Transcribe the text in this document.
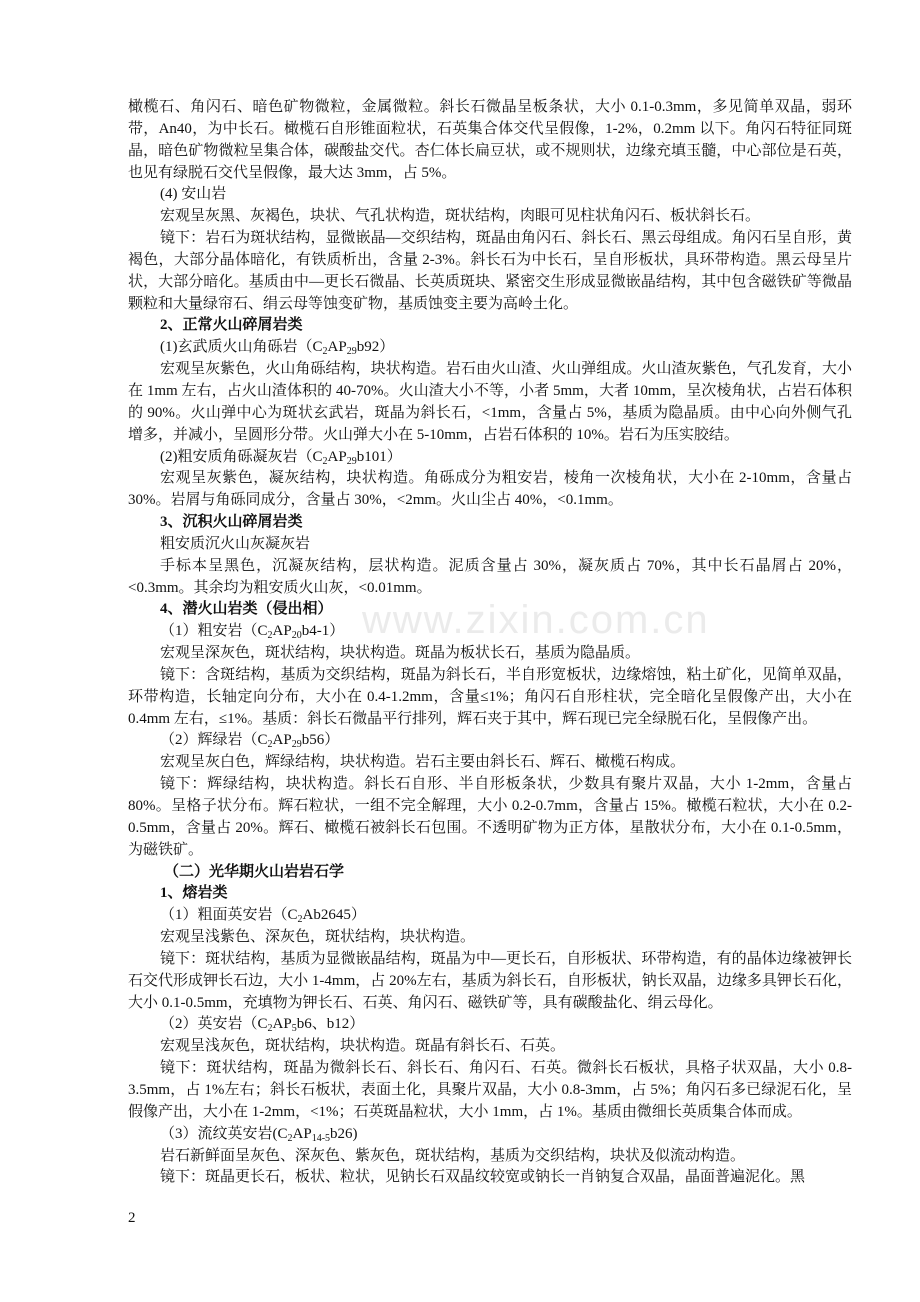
www.zixin.com.cn

橄榄石、角闪石、暗色矿物微粒，金属微粒。斜长石微晶呈板条状，大小 0.1-0.3mm，多见简单双晶，弱环带，An40，为中长石。橄榄石自形锥面粒状，石英集合体交代呈假像，1-2%，0.2mm 以下。角闪石特征同斑晶，暗色矿物微粒呈集合体，碳酸盐交代。杏仁体长扁豆状，或不规则状，边缘充填玉髓，中心部位是石英，也见有绿脱石交代呈假像，最大达 3mm，占 5%。

(4) 安山岩

宏观呈灰黑、灰褐色，块状、气孔状构造，斑状结构，肉眼可见柱状角闪石、板状斜长石。

镜下：岩石为斑状结构，显微嵌晶—交织结构，斑晶由角闪石、斜长石、黑云母组成。角闪石呈自形，黄褐色，大部分晶体暗化，有铁质析出，含量 2-3%。斜长石为中长石，呈自形板状，具环带构造。黑云母呈片状，大部分暗化。基质由中—更长石微晶、长英质斑块、紧密交生形成显微嵌晶结构，其中包含磁铁矿等微晶颗粒和大量绿帘石、绢云母等蚀变矿物，基质蚀变主要为高岭土化。

2、正常火山碎屑岩类

(1)玄武质火山角砾岩$(C_2AP_{29}b92)$

宏观呈灰紫色，火山角砾结构，块状构造。岩石由火山渣、火山弹组成。火山渣灰紫色，气孔发育，大小在 1mm 左右，占火山渣体积的 40-70%。火山渣大小不等，小者 5mm，大者 10mm，呈次棱角状，占岩石体积的 90%。火山弹中心为斑状玄武岩，斑晶为斜长石，<1mm，含量占 5%，基质为隐晶质。由中心向外侧气孔增多，并减小，呈圆形分带。火山弹大小在 5-10mm，占岩石体积的 10%。岩石为压实胶结。

(2)粗安质角砾凝灰岩$(C_2AP_{29}b101)$

宏观呈灰紫色，凝灰结构，块状构造。角砾成分为粗安岩，棱角一次棱角状，大小在 2-10mm，含量占 30%。岩屑与角砾同成分，含量占 30%，<2mm。火山尘占 40%，<0.1mm。

3、沉积火山碎屑岩类

粗安质沉火山灰凝灰岩

手标本呈黑色，沉凝灰结构，层状构造。泥质含量占 30%，凝灰质占 70%，其中长石晶屑占 20%，<0.3mm。其余均为粗安质火山灰，<0.01mm。

4、潜火山岩类（侵出相）

（1）粗安岩$(C_2AP_{20}b4-1)$

宏观呈深灰色，斑状结构，块状构造。斑晶为板状长石，基质为隐晶质。

镜下：含斑结构，基质为交织结构，斑晶为斜长石，半自形宽板状，边缘熔蚀，粘土矿化，见简单双晶，环带构造，长轴定向分布，大小在 0.4-1.2mm，含量≤1%；角闪石自形柱状，完全暗化呈假像产出，大小在 0.4mm 左右，≤1%。基质：斜长石微晶平行排列，辉石夹于其中，辉石现已完全绿脱石化，呈假像产出。

（2）辉绿岩$(C_2AP_{29}b56)$

宏观呈灰白色，辉绿结构，块状构造。岩石主要由斜长石、辉石、橄榄石构成。

镜下：辉绿结构，块状构造。斜长石自形、半自形板条状，少数具有聚片双晶，大小 1-2mm，含量占 80%。呈格子状分布。辉石粒状，一组不完全解理，大小 0.2-0.7mm，含量占 15%。橄榄石粒状，大小在 0.2-0.5mm，含量占 20%。辉石、橄榄石被斜长石包围。不透明矿物为正方体，星散状分布，大小在 0.1-0.5mm，为磁铁矿。

（二）光华期火山岩岩石学

1、熔岩类

（1）粗面英安岩$(C_2Ab2645)$

宏观呈浅紫色、深灰色，斑状结构，块状构造。

镜下：斑状结构，基质为显微嵌晶结构，斑晶为中—更长石，自形板状、环带构造，有的晶体边缘被钾长石交代形成钾长石边，大小 1-4mm，占 20%左右，基质为斜长石，自形板状，钠长双晶，边缘多具钾长石化，大小 0.1-0.5mm，充填物为钾长石、石英、角闪石、磁铁矿等，具有碳酸盐化、绢云母化。

（2）英安岩（$C_2AP_5b6$、b12）

宏观呈浅灰色，斑状结构，块状构造。斑晶有斜长石、石英。

镜下：斑状结构，斑晶为微斜长石、斜长石、角闪石、石英。微斜长石板状，具格子状双晶，大小 0.8-3.5mm，占 1%左右；斜长石板状，表面土化，具聚片双晶，大小 0.8-3mm，占 5%；角闪石多已绿泥石化，呈假像产出，大小在 1-2mm，<1%；石英斑晶粒状，大小 1mm，占 1%。基质由微细长英质集合体而成。

（3）流纹英安岩$(C_2AP_{14-5}b26)$

岩石新鲜面呈灰色、深灰色、紫灰色，斑状结构，基质为交织结构，块状及似流动构造。

镜下：斑晶更长石，板状、粒状，见钠长石双晶纹较宽或钠长一肖钠复合双晶，晶面普遍泥化。黑

2
